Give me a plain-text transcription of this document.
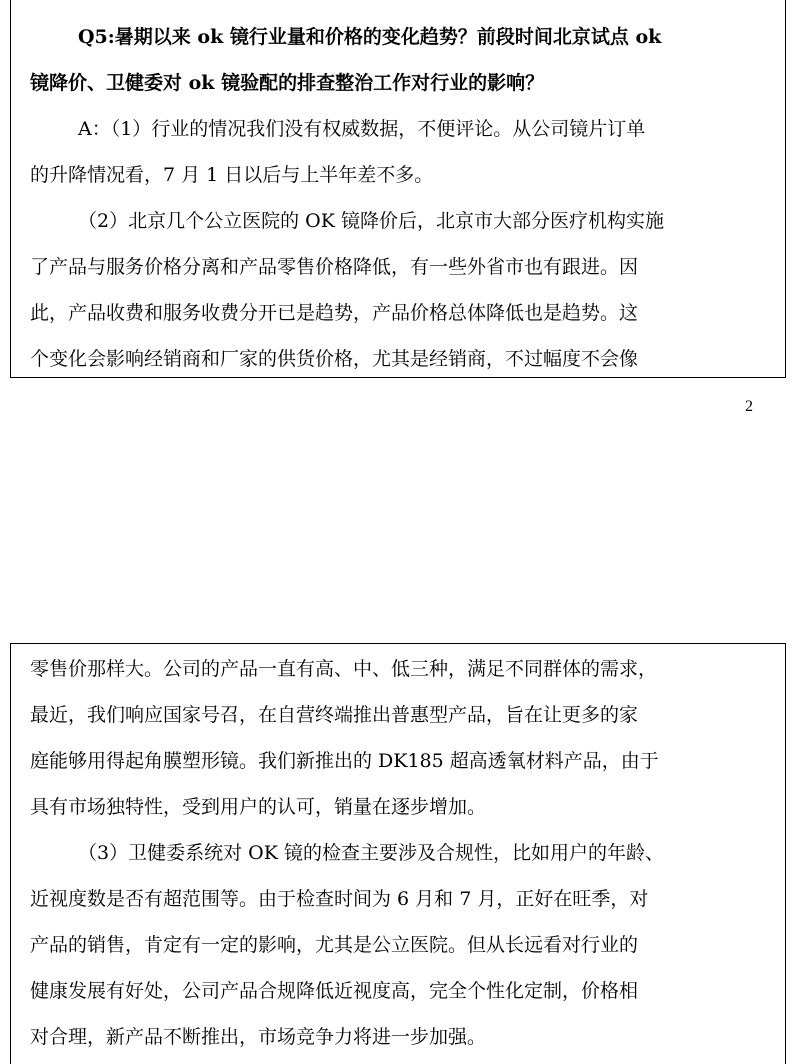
Q5:暑期以来 ok 镜行业量和价格的变化趋势？前段时间北京试点 ok
镜降价、卫健委对 ok 镜验配的排查整治工作对行业的影响？
A：（1）行业的情况我们没有权威数据，不便评论。从公司镜片订单
的升降情况看，7 月 1 日以后与上半年差不多。
（2）北京几个公立医院的 OK 镜降价后，北京市大部分医疗机构实施
了产品与服务价格分离和产品零售价格降低，有一些外省市也有跟进。因
此，产品收费和服务收费分开已是趋势，产品价格总体降低也是趋势。这
个变化会影响经销商和厂家的供货价格，尤其是经销商，不过幅度不会像
2
零售价那样大。公司的产品一直有高、中、低三种，满足不同群体的需求，
最近，我们响应国家号召，在自营终端推出普惠型产品，旨在让更多的家
庭能够用得起角膜塑形镜。我们新推出的 DK185 超高透氧材料产品，由于
具有市场独特性，受到用户的认可，销量在逐步增加。
（3）卫健委系统对 OK 镜的检查主要涉及合规性，比如用户的年龄、
近视度数是否有超范围等。由于检查时间为 6 月和 7 月，正好在旺季，对
产品的销售，肯定有一定的影响，尤其是公立医院。但从长远看对行业的
健康发展有好处，公司产品合规降低近视度高，完全个性化定制，价格相
对合理，新产品不断推出，市场竞争力将进一步加强。
